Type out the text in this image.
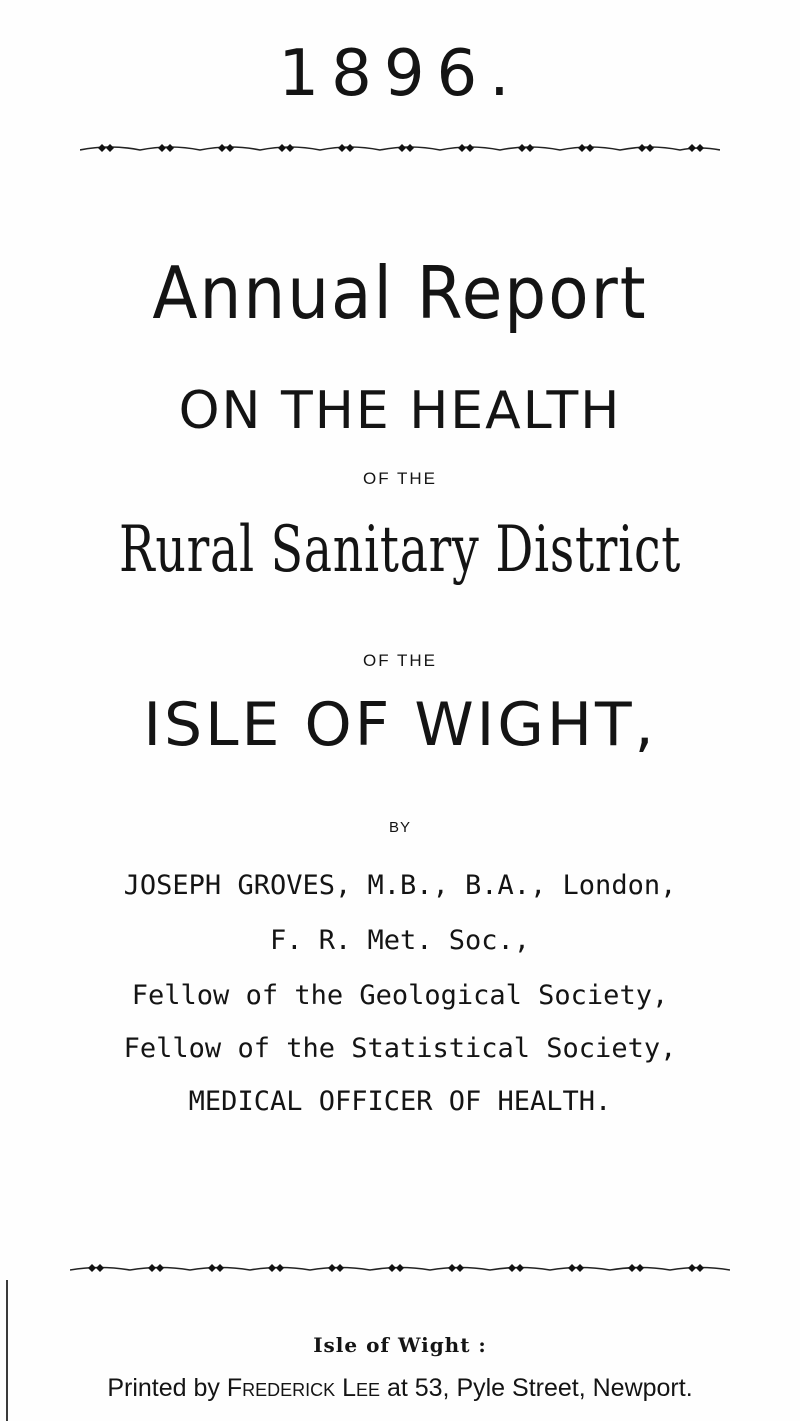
1896.
Annual Report
ON THE HEALTH
OF THE
Rural Sanitary District
OF THE
ISLE OF WIGHT,
BY
JOSEPH GROVES, M.B., B.A., London,
F. R. Met. Soc.,
Fellow of the Geological Society,
Fellow of the Statistical Society,
MEDICAL OFFICER OF HEALTH.
Isle of Wight :
Printed by Frederick Lee at 53, Pyle Street, Newport.
